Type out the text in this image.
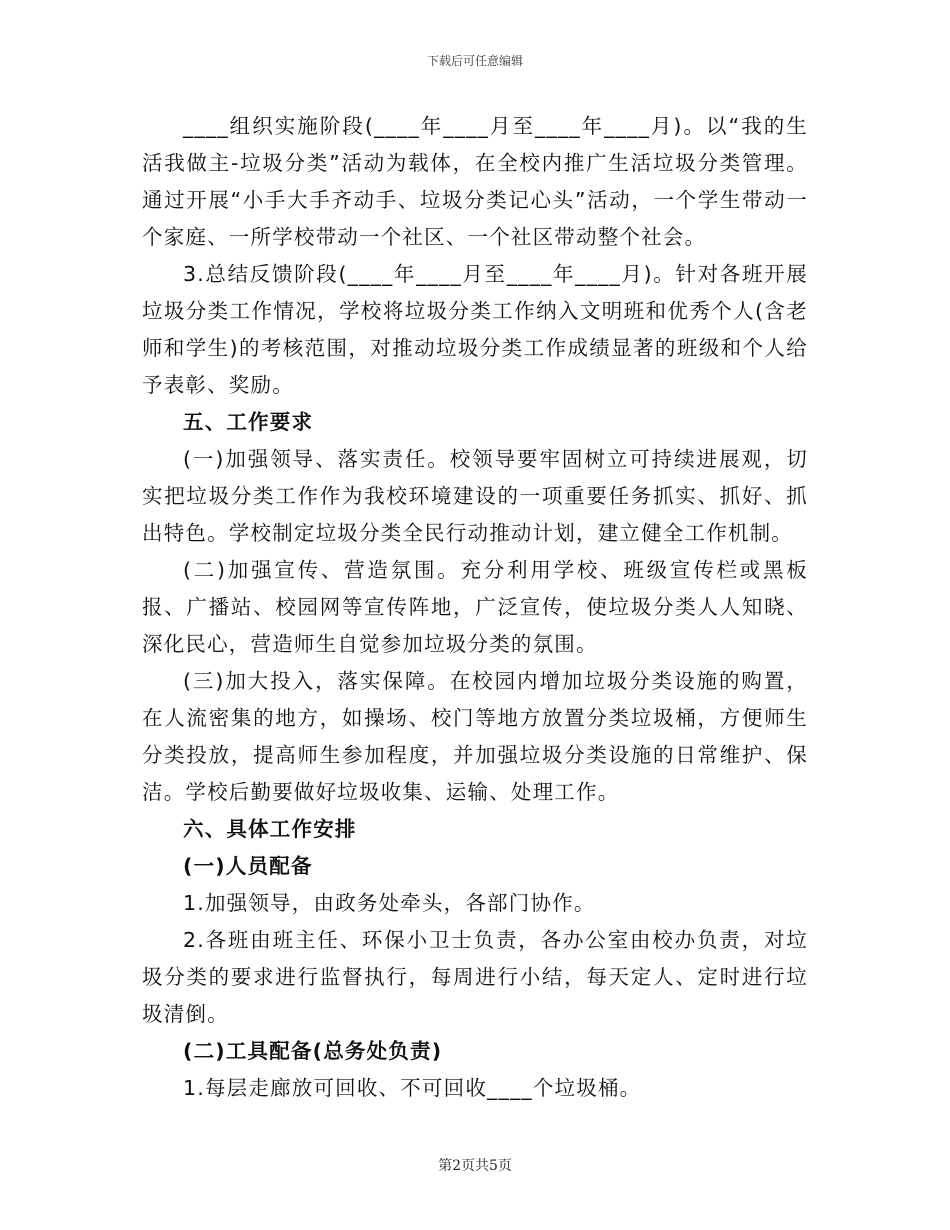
下载后可任意编辑

____组织实施阶段(____年____月至____年____月)。以“我的生活我做主-垃圾分类”活动为载体，在全校内推广生活垃圾分类管理。通过开展“小手大手齐动手、垃圾分类记心头”活动，一个学生带动一个家庭、一所学校带动一个社区、一个社区带动整个社会。

3.总结反馈阶段(____年____月至____年____月)。针对各班开展垃圾分类工作情况，学校将垃圾分类工作纳入文明班和优秀个人(含老师和学生)的考核范围，对推动垃圾分类工作成绩显著的班级和个人给予表彰、奖励。

五、工作要求

(一)加强领导、落实责任。校领导要牢固树立可持续进展观，切实把垃圾分类工作作为我校环境建设的一项重要任务抓实、抓好、抓出特色。学校制定垃圾分类全民行动推动计划，建立健全工作机制。

(二)加强宣传、营造氛围。充分利用学校、班级宣传栏或黑板报、广播站、校园网等宣传阵地，广泛宣传，使垃圾分类人人知晓、深化民心，营造师生自觉参加垃圾分类的氛围。

(三)加大投入，落实保障。在校园内增加垃圾分类设施的购置，在人流密集的地方，如操场、校门等地方放置分类垃圾桶，方便师生分类投放，提高师生参加程度，并加强垃圾分类设施的日常维护、保洁。学校后勤要做好垃圾收集、运输、处理工作。

六、具体工作安排

(一)人员配备

1.加强领导，由政务处牵头，各部门协作。

2.各班由班主任、环保小卫士负责，各办公室由校办负责，对垃圾分类的要求进行监督执行，每周进行小结，每天定人、定时进行垃圾清倒。

(二)工具配备(总务处负责)

1.每层走廊放可回收、不可回收____个垃圾桶。

第2页共5页
